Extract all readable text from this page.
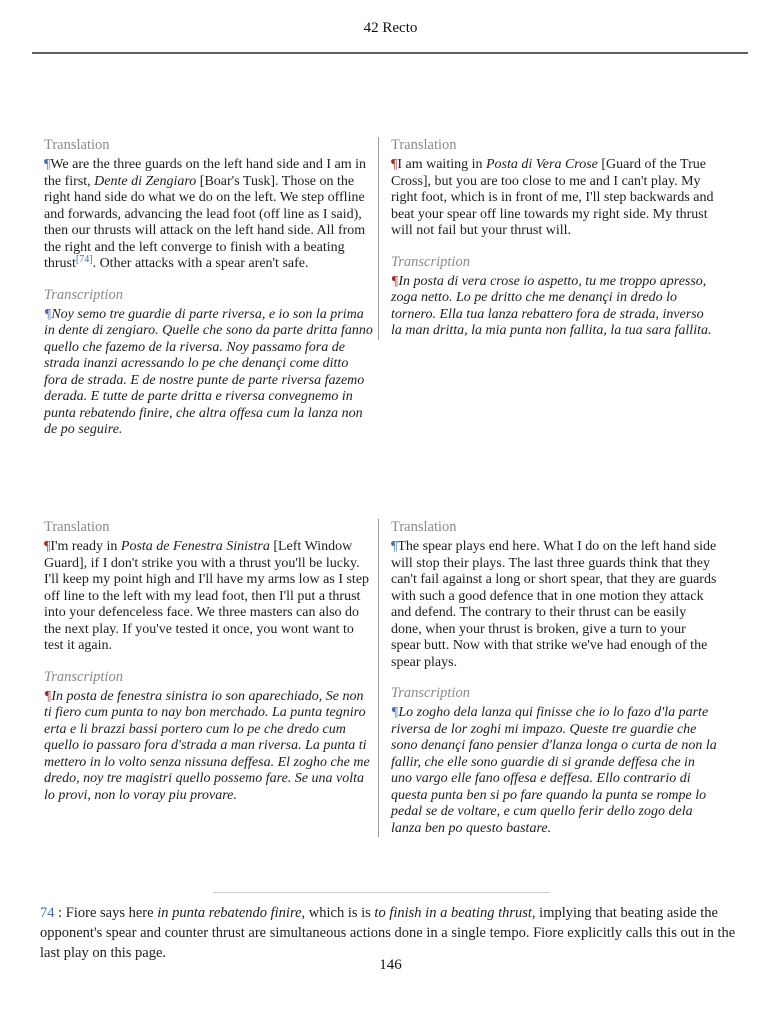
42 Recto
Translation

¶We are the three guards on the left hand side and I am in the first, Dente di Zengiaro [Boar's Tusk]. Those on the right hand side do what we do on the left. We step offline and forwards, advancing the lead foot (off line as I said), then our thrusts will attack on the left hand side. All from the right and the left converge to finish with a beating thrust[74]. Other attacks with a spear aren't safe.

Transcription

¶Noy semo tre guardie di parte riversa, e io son la prima in dente di zengiaro. Quelle che sono da parte dritta fanno quello che fazemo de la riversa. Noy passamo fora de strada inanzi acressando lo pe che denançi come ditto fora de strada. E de nostre punte de parte riversa fazemo derada. E tutte de parte dritta e riversa convegnemo in punta rebatendo finire, che altra offesa cum la lanza non de po seguire.

Translation

¶I am waiting in Posta di Vera Crose [Guard of the True Cross], but you are too close to me and I can't play. My right foot, which is in front of me, I'll step backwards and beat your spear off line towards my right side. My thrust will not fail but your thrust will.

Transcription

¶In posta di vera crose io aspetto, tu me troppo apresso, zoga netto. Lo pe dritto che me denançi in dredo lo tornero. Ella tua lanza rebattero fora de strada, inverso la man dritta, la mia punta non fallita, la tua sara fallita.

Translation

¶I'm ready in Posta de Fenestra Sinistra [Left Window Guard], if I don't strike you with a thrust you'll be lucky. I'll keep my point high and I'll have my arms low as I step off line to the left with my lead foot, then I'll put a thrust into your defenceless face. We three masters can also do the next play. If you've tested it once, you wont want to test it again.

Transcription

¶In posta de fenestra sinistra io son aparechiado, Se non ti fiero cum punta to nay bon merchado. La punta tegniro erta e li brazzi bassi portero cum lo pe che dredo cum quello io passaro fora d'strada a man riversa. La punta ti mettero in lo volto senza nissuna deffesa. El zogho che me dredo, noy tre magistri quello possemo fare. Se una volta lo provi, non lo voray piu provare.

Translation

¶The spear plays end here. What I do on the left hand side will stop their plays. The last three guards think that they can't fail against a long or short spear, that they are guards with such a good defence that in one motion they attack and defend. The contrary to their thrust can be easily done, when your thrust is broken, give a turn to your spear butt. Now with that strike we've had enough of the spear plays.

Transcription

¶Lo zogho dela lanza qui finisse che io lo fazo d'la parte riversa de lor zoghi mi impazo. Queste tre guardie che sono denançi fano pensier d'lanza longa o curta de non la fallir, che elle sono guardie di si grande deffesa che in uno vargo elle fano offesa e deffesa. Ello contrario di questa punta ben si po fare quando la punta se rompe lo pedal se de voltare, e cum quello ferir dello zogo dela lanza ben po questo bastare.

74 : Fiore says here in punta rebatendo finire, which is is to finish in a beating thrust, implying that beating aside the opponent's spear and counter thrust are simultaneous actions done in a single tempo. Fiore explicitly calls this out in the last play on this page.

146
